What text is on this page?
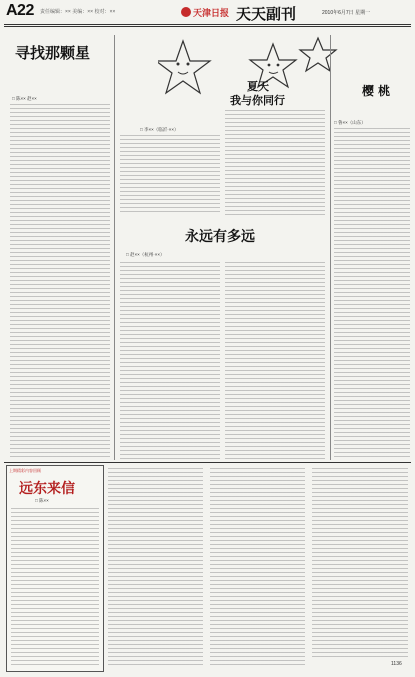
A22 责任编辑：×× 美编：×× 校对：××	天津日报 天天副刊	2010年6月7日 星期一
寻找那颗星
□ 陈×× 赵××
夏天
我与你同行
□ 李××（临沂·××）
樱 桃
□ 鲁××（山东）
永远有多远
□ 赵××（杭州·××）
上期精彩内容回顾
远东来信
□ 陈××
1136
